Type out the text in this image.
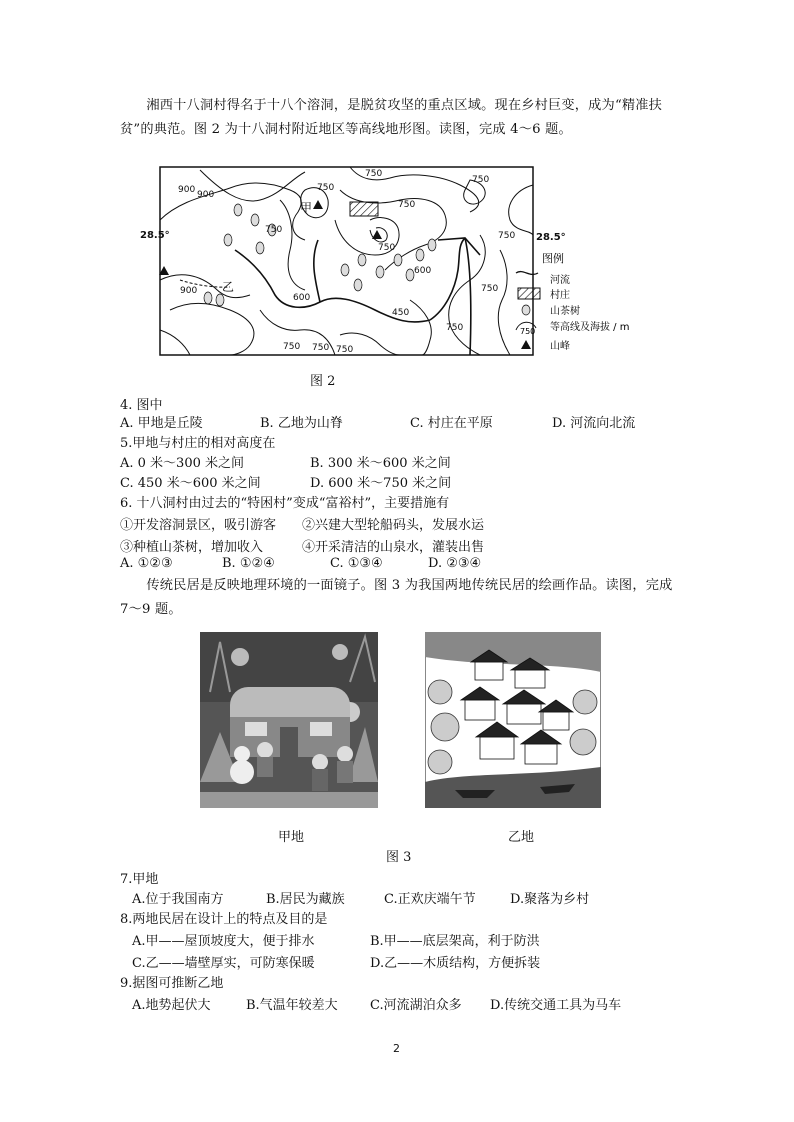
湘西十八洞村得名于十八个溶洞，是脱贫攻坚的重点区域。现在乡村巨变，成为“精准扶贫”的典范。图 2 为十八洞村附近地区等高线地形图。读图，完成 4～6 题。
28.5°	28.5°
甲
乙
900
900
750
750
750
750
600
600
750
750
750
450
750 750 750
900
750
750
图例
河流
村庄
山茶树
750 等高线及海拔 / m
山峰
图 2
4. 图中
A. 甲地是丘陵	B. 乙地为山脊	C. 村庄在平原	D. 河流向北流
5.甲地与村庄的相对高度在
A. 0 米～300 米之间	B. 300 米～600 米之间
C. 450 米～600 米之间	D. 600 米～750 米之间
6. 十八洞村由过去的“特困村”变成“富裕村”，主要措施有
①开发溶洞景区，吸引游客 ②兴建大型轮船码头，发展水运
③种植山茶树，增加收入	④开采清洁的山泉水，灌装出售
A. ①②③	B. ①②④	C. ①③④	D. ②③④
传统民居是反映地理环境的一面镜子。图 3 为我国两地传统民居的绘画作品。读图，完成 7～9 题。
甲地	乙地
图 3
7.甲地
A.位于我国南方	B.居民为藏族	C.正欢庆端午节	D.聚落为乡村
8.两地民居在设计上的特点及目的是
A.甲——屋顶坡度大，便于排水	B.甲——底层架高，利于防洪
C.乙——墙壁厚实，可防寒保暖	D.乙——木质结构，方便拆装
9.据图可推断乙地
A.地势起伏大	B.气温年较差大 C.河流湖泊众多 D.传统交通工具为马车
2
